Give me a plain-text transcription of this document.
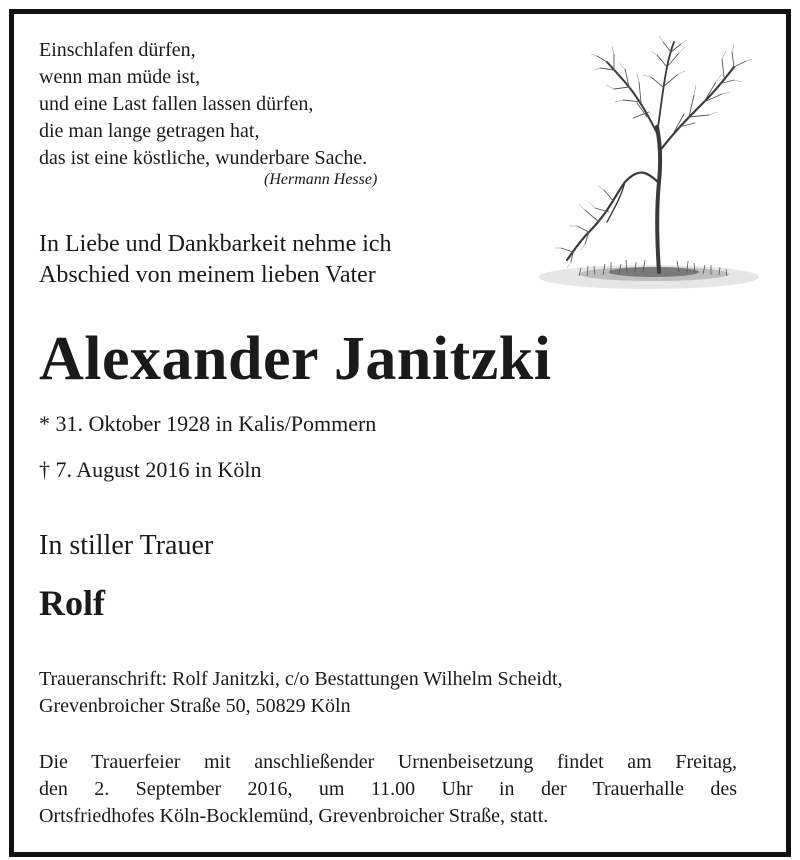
Einschlafen dürfen,
wenn man müde ist,
und eine Last fallen lassen dürfen,
die man lange getragen hat,
das ist eine köstliche, wunderbare Sache.
(Hermann Hesse)
In Liebe und Dankbarkeit nehme ich
Abschied von meinem lieben Vater
Alexander Janitzki
* 31. Oktober 1928 in Kalis/Pommern
† 7. August 2016 in Köln
In stiller Trauer
Rolf
Traueranschrift: Rolf Janitzki, c/o Bestattungen Wilhelm Scheidt,
Grevenbroicher Straße 50, 50829 Köln
Die Trauerfeier mit anschließender Urnenbeisetzung findet am Freitag,
den 2. September 2016, um 11.00 Uhr in der Trauerhalle des
Ortsfriedhofes Köln-Bocklemünd, Grevenbroicher Straße, statt.
